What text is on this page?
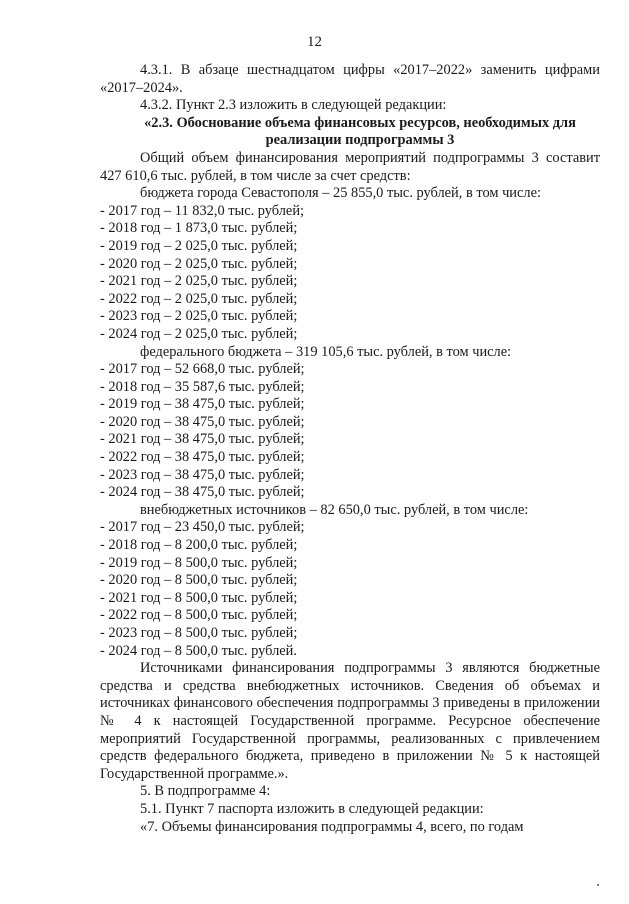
12

4.3.1. В абзаце шестнадцатом цифры «2017–2022» заменить цифрами «2017–2024».

4.3.2. Пункт 2.3 изложить в следующей редакции:

«2.3. Обоснование объема финансовых ресурсов, необходимых для реализации подпрограммы 3

Общий объем финансирования мероприятий подпрограммы 3 составит 427 610,6 тыс. рублей, в том числе за счет средств:

бюджета города Севастополя – 25 855,0 тыс. рублей, в том числе:

- 2017 год – 11 832,0 тыс. рублей;

- 2018 год – 1 873,0 тыс. рублей;

- 2019 год – 2 025,0 тыс. рублей;

- 2020 год – 2 025,0 тыс. рублей;

- 2021 год – 2 025,0 тыс. рублей;

- 2022 год – 2 025,0 тыс. рублей;

- 2023 год – 2 025,0 тыс. рублей;

- 2024 год – 2 025,0 тыс. рублей;

федерального бюджета – 319 105,6 тыс. рублей, в том числе:

- 2017 год – 52 668,0 тыс. рублей;

- 2018 год – 35 587,6 тыс. рублей;

- 2019 год – 38 475,0 тыс. рублей;

- 2020 год – 38 475,0 тыс. рублей;

- 2021 год – 38 475,0 тыс. рублей;

- 2022 год – 38 475,0 тыс. рублей;

- 2023 год – 38 475,0 тыс. рублей;

- 2024 год – 38 475,0 тыс. рублей;

внебюджетных источников – 82 650,0 тыс. рублей, в том числе:

- 2017 год – 23 450,0 тыс. рублей;

- 2018 год – 8 200,0 тыс. рублей;

- 2019 год – 8 500,0 тыс. рублей;

- 2020 год – 8 500,0 тыс. рублей;

- 2021 год – 8 500,0 тыс. рублей;

- 2022 год – 8 500,0 тыс. рублей;

- 2023 год – 8 500,0 тыс. рублей;

- 2024 год – 8 500,0 тыс. рублей.

Источниками финансирования подпрограммы 3 являются бюджетные средства и средства внебюджетных источников. Сведения об объемах и источниках финансового обеспечения подпрограммы 3 приведены в приложении № 4 к настоящей Государственной программе. Ресурсное обеспечение мероприятий Государственной программы, реализованных с привлечением средств федерального бюджета, приведено в приложении № 5 к настоящей Государственной программе.».

5. В подпрограмме 4:

5.1. Пункт 7 паспорта изложить в следующей редакции:

«7. Объемы финансирования подпрограммы 4, всего, по годам
